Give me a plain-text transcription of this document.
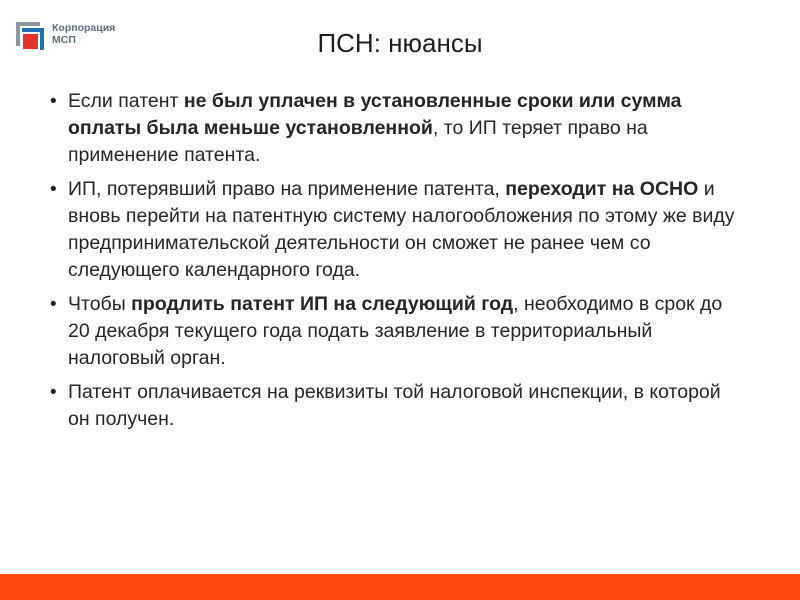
Корпорация
МСП	ПСН: нюансы
• Если патент не был уплачен в установленные сроки или сумма оплаты была меньше установленной, то ИП теряет право на применение патента.
• ИП, потерявший право на применение патента, переходит на ОСНО и вновь перейти на патентную систему налогообложения по этому же виду предпринимательской деятельности он сможет не ранее чем со следующего календарного года.
• Чтобы продлить патент ИП на следующий год, необходимо в срок до 20 декабря текущего года подать заявление в территориальный налоговый орган.
• Патент оплачивается на реквизиты той налоговой инспекции, в которой он получен.
